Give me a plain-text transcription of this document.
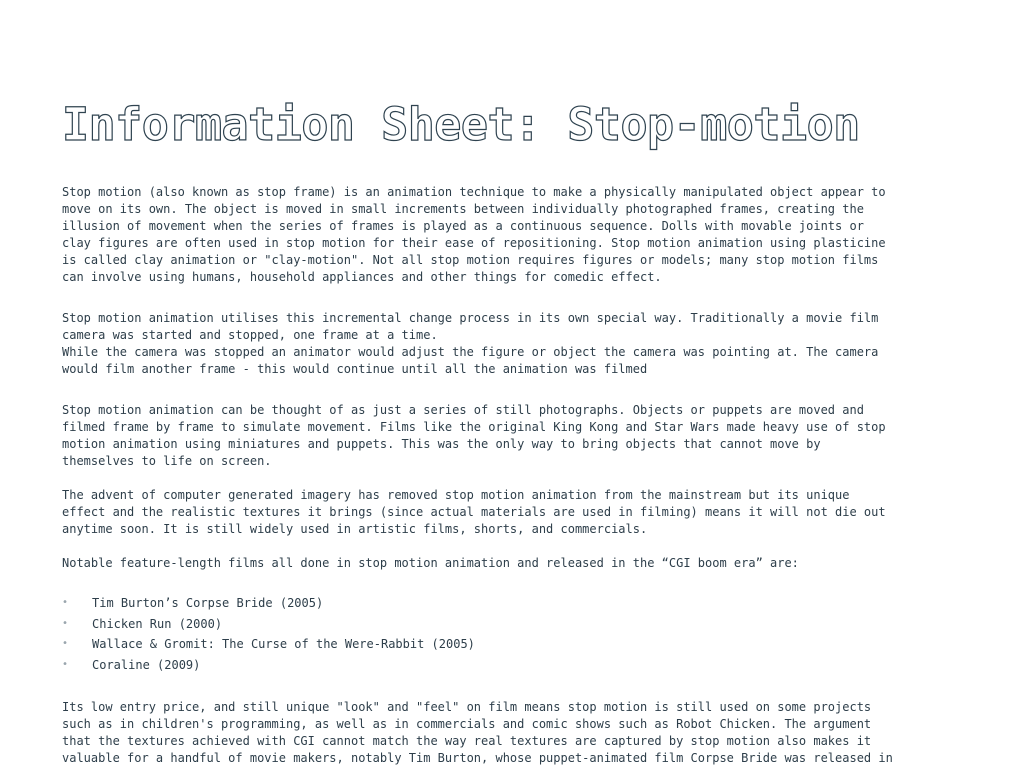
Information Sheet: Stop-motion

Stop motion (also known as stop frame) is an animation technique to make a physically manipulated object appear to
move on its own. The object is moved in small increments between individually photographed frames, creating the
illusion of movement when the series of frames is played as a continuous sequence. Dolls with movable joints or
clay figures are often used in stop motion for their ease of repositioning. Stop motion animation using plasticine
is called clay animation or "clay-motion". Not all stop motion requires figures or models; many stop motion films
can involve using humans, household appliances and other things for comedic effect.

Stop motion animation utilises this incremental change process in its own special way. Traditionally a movie film
camera was started and stopped, one frame at a time.
While the camera was stopped an animator would adjust the figure or object the camera was pointing at. The camera
would film another frame - this would continue until all the animation was filmed

Stop motion animation can be thought of as just a series of still photographs. Objects or puppets are moved and
filmed frame by frame to simulate movement. Films like the original King Kong and Star Wars made heavy use of stop
motion animation using miniatures and puppets. This was the only way to bring objects that cannot move by
themselves to life on screen.

The advent of computer generated imagery has removed stop motion animation from the mainstream but its unique
effect and the realistic textures it brings (since actual materials are used in filming) means it will not die out
anytime soon. It is still widely used in artistic films, shorts, and commercials.

Notable feature-length films all done in stop motion animation and released in the “CGI boom era” are:

• Tim Burton’s Corpse Bride (2005)
• Chicken Run (2000)
• Wallace & Gromit: The Curse of the Were-Rabbit (2005)
• Coraline (2009)

Its low entry price, and still unique "look" and "feel" on film means stop motion is still used on some projects
such as in children's programming, as well as in commercials and comic shows such as Robot Chicken. The argument
that the textures achieved with CGI cannot match the way real textures are captured by stop motion also makes it
valuable for a handful of movie makers, notably Tim Burton, whose puppet-animated film Corpse Bride was released in
